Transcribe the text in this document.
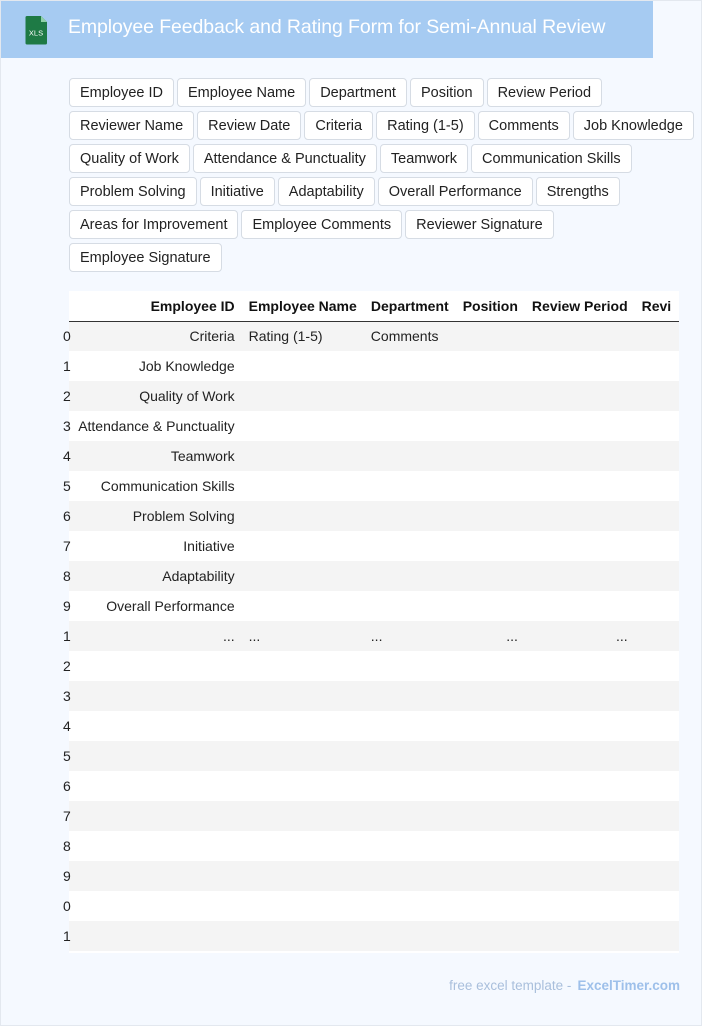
XLS Employee Feedback and Rating Form for Semi-Annual Review
Employee ID	Employee Name	Department	Position	Review Period
Reviewer Name	Review Date	Criteria	Rating (1-5)	Comments	Job Knowledge
Quality of Work	Attendance & Punctuality	Teamwork	Communication Skills
Problem Solving	Initiative	Adaptability	Overall Performance	Strengths
Areas for Improvement	Employee Comments	Reviewer Signature
Employee Signature
	Employee ID	Employee Name	Department	Position	Review Period	Revi
0	Criteria	Rating (1-5)	Comments			
1	Job Knowledge					
2	Quality of Work					
3	Attendance & Punctuality					
4	Teamwork					
5	Communication Skills					
6	Problem Solving					
7	Initiative					
8	Adaptability					
9	Overall Performance					
1	...	...	...	...	...	
2						
3						
4						
5						
6						
7						
8						
9						
0						
1						
free excel template - ExcelTimer.com
